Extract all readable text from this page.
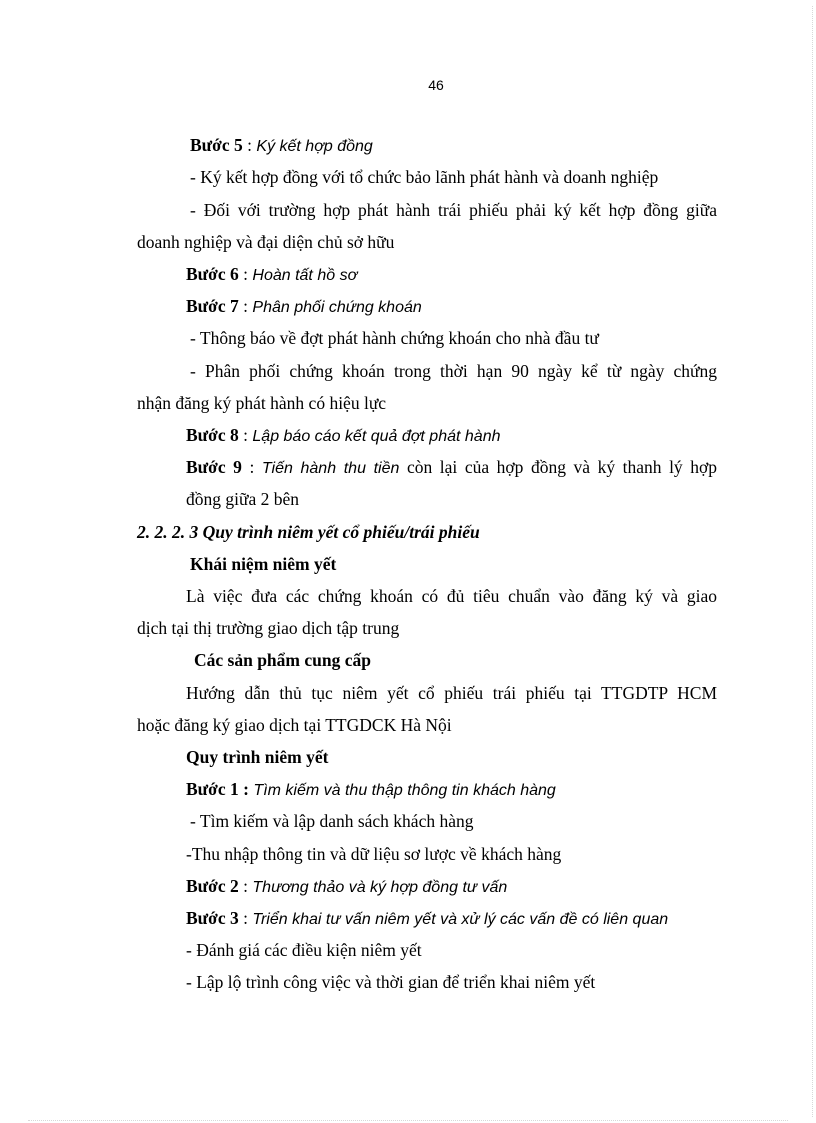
46
Bước 5 : Ký kết hợp đồng
- Ký kết hợp đồng với tổ chức bảo lãnh phát hành và doanh nghiệp
- Đối với trường hợp phát hành trái phiếu phải ký kết hợp đồng giữa
doanh nghiệp và đại diện chủ sở hữu
Bước 6 : Hoàn tất hồ sơ
Bước 7 : Phân phối chứng khoán
- Thông báo về đợt phát hành chứng khoán cho nhà đầu tư
- Phân phối chứng khoán trong thời hạn 90 ngày kể từ ngày chứng
nhận đăng ký phát hành có hiệu lực
Bước 8 : Lập báo cáo kết quả đợt phát hành
Bước 9 : Tiến hành thu tiền còn lại của hợp đồng và ký thanh lý hợp
đồng giữa 2 bên
2. 2. 2. 3 Quy trình niêm yết cổ phiếu/trái phiếu
Khái niệm niêm yết
Là việc đưa các chứng khoán có đủ tiêu chuẩn vào đăng ký và giao
dịch tại thị trường giao dịch tập trung
Các sản phẩm cung cấp
Hướng dẫn thủ tục niêm yết cổ phiếu trái phiếu tại TTGDTP HCM
hoặc đăng ký giao dịch tại TTGDCK Hà Nội
Quy trình niêm yết
Bước 1 : Tìm kiếm và thu thập thông tin khách hàng
- Tìm kiếm và lập danh sách khách hàng
-Thu nhập thông tin và dữ liệu sơ lược về khách hàng
Bước 2 : Thương thảo và ký hợp đồng tư vấn
Bước 3 : Triển khai tư vấn niêm yết và xử lý các vấn đề có liên quan
- Đánh giá các điều kiện niêm yết
- Lập lộ trình công việc và thời gian để triển khai niêm yết
